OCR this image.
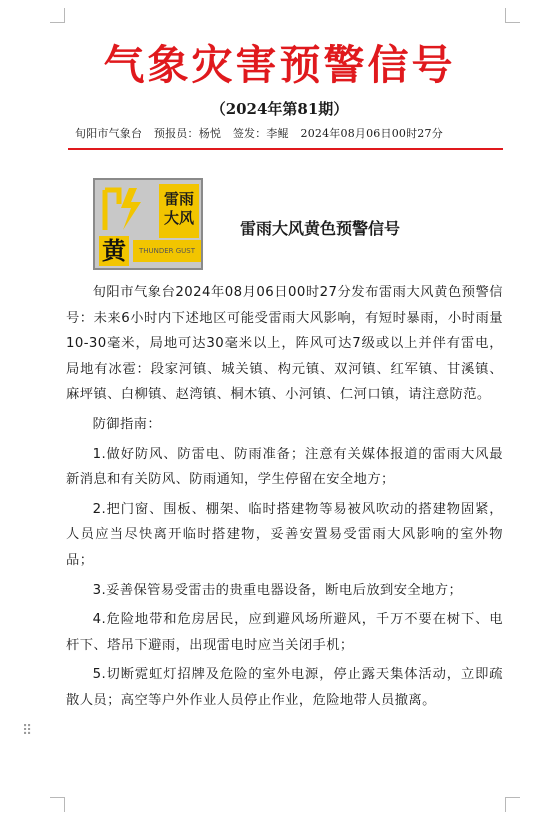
气象灾害预警信号
（2024年第81期）
旬阳市气象台 预报员：杨悦 签发：李鲲 2024年08月06日00时27分
雷雨
大风
黄	THUNDER GUST
雷雨大风黄色预警信号

旬阳市气象台2024年08月06日00时27分发布雷雨大风黄色预警信号：未来6小时内下述地区可能受雷雨大风影响，有短时暴雨，小时雨量10-30毫米，局地可达30毫米以上，阵风可达7级或以上并伴有雷电，局地有冰雹：段家河镇、城关镇、构元镇、双河镇、红军镇、甘溪镇、麻坪镇、白柳镇、赵湾镇、桐木镇、小河镇、仁河口镇，请注意防范。

防御指南：

1.做好防风、防雷电、防雨准备；注意有关媒体报道的雷雨大风最新消息和有关防风、防雨通知，学生停留在安全地方；

2.把门窗、围板、棚架、临时搭建物等易被风吹动的搭建物固紧，人员应当尽快离开临时搭建物，妥善安置易受雷雨大风影响的室外物品；

3.妥善保管易受雷击的贵重电器设备，断电后放到安全地方；

4.危险地带和危房居民，应到避风场所避风，千万不要在树下、电杆下、塔吊下避雨，出现雷电时应当关闭手机；

5.切断霓虹灯招牌及危险的室外电源，停止露天集体活动，立即疏散人员；高空等户外作业人员停止作业，危险地带人员撤离。

⠿
